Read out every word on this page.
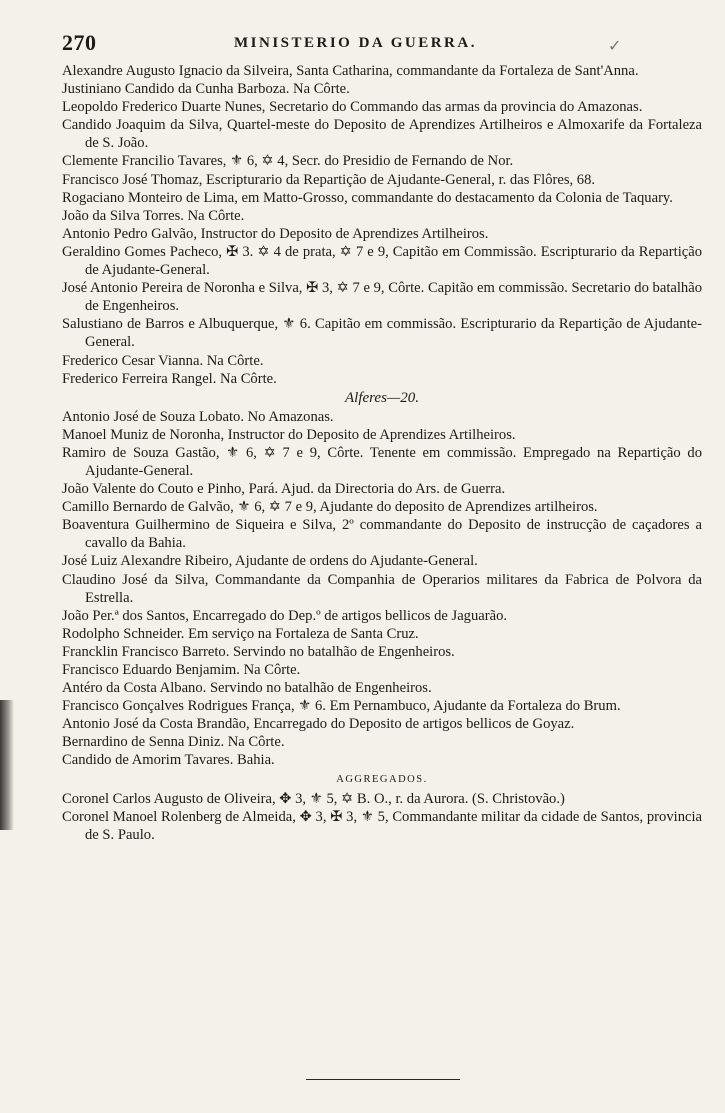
270	MINISTERIO DA GUERRA.	✓

Alexandre Augusto Ignacio da Silveira, Santa Catharina, commandante da Fortaleza de Sant'Anna.

Justiniano Candido da Cunha Barboza. Na Côrte.

Leopoldo Frederico Duarte Nunes, Secretario do Commando das armas da provincia do Amazonas.

Candido Joaquim da Silva, Quartel-meste do Deposito de Aprendizes Artilheiros e Almoxarife da Fortaleza de S. João.

Clemente Francilio Tavares, ⚜ 6, ✡ 4, Secr. do Presidio de Fernando de Nor.

Francisco José Thomaz, Escripturario da Repartição de Ajudante-General, r. das Flôres, 68.

Rogaciano Monteiro de Lima, em Matto-Grosso, commandante do destacamento da Colonia de Taquary.

João da Silva Torres. Na Côrte.

Antonio Pedro Galvão, Instructor do Deposito de Aprendizes Artilheiros.

Geraldino Gomes Pacheco, ✠ 3. ✡ 4 de prata, ✡ 7 e 9, Capitão em Commissão. Escripturario da Repartição de Ajudante-General.

José Antonio Pereira de Noronha e Silva, ✠ 3, ✡ 7 e 9, Côrte. Capitão em commissão. Secretario do batalhão de Engenheiros.

Salustiano de Barros e Albuquerque, ⚜ 6. Capitão em commissão. Escripturario da Repartição de Ajudante-General.

Frederico Cesar Vianna. Na Côrte.

Frederico Ferreira Rangel. Na Côrte.

Alferes—20.

Antonio José de Souza Lobato. No Amazonas.

Manoel Muniz de Noronha, Instructor do Deposito de Aprendizes Artilheiros.

Ramiro de Souza Gastão, ⚜ 6, ✡ 7 e 9, Côrte. Tenente em commissão. Empregado na Repartição do Ajudante-General.

João Valente do Couto e Pinho, Pará. Ajud. da Directoria do Ars. de Guerra.

Camillo Bernardo de Galvão, ⚜ 6, ✡ 7 e 9, Ajudante do deposito de Aprendizes artilheiros.

Boaventura Guilhermino de Siqueira e Silva, 2º commandante do Deposito de instrucção de caçadores a cavallo da Bahia.

José Luiz Alexandre Ribeiro, Ajudante de ordens do Ajudante-General.

Claudino José da Silva, Commandante da Companhia de Operarios militares da Fabrica de Polvora da Estrella.

João Per.ª dos Santos, Encarregado do Dep.º de artigos bellicos de Jaguarão.

Rodolpho Schneider. Em serviço na Fortaleza de Santa Cruz.

Francklin Francisco Barreto. Servindo no batalhão de Engenheiros.

Francisco Eduardo Benjamim. Na Côrte.

Antéro da Costa Albano. Servindo no batalhão de Engenheiros.

Francisco Gonçalves Rodrigues França, ⚜ 6. Em Pernambuco, Ajudante da Fortaleza do Brum.

Antonio José da Costa Brandão, Encarregado do Deposito de artigos bellicos de Goyaz.

Bernardino de Senna Diniz. Na Côrte.

Candido de Amorim Tavares. Bahia.

AGGREGADOS.

Coronel Carlos Augusto de Oliveira, ✥ 3, ⚜ 5, ✡ B. O., r. da Aurora. (S. Christovão.)

Coronel Manoel Rolenberg de Almeida, ✥ 3, ✠ 3, ⚜ 5, Commandante militar da cidade de Santos, provincia de S. Paulo.
